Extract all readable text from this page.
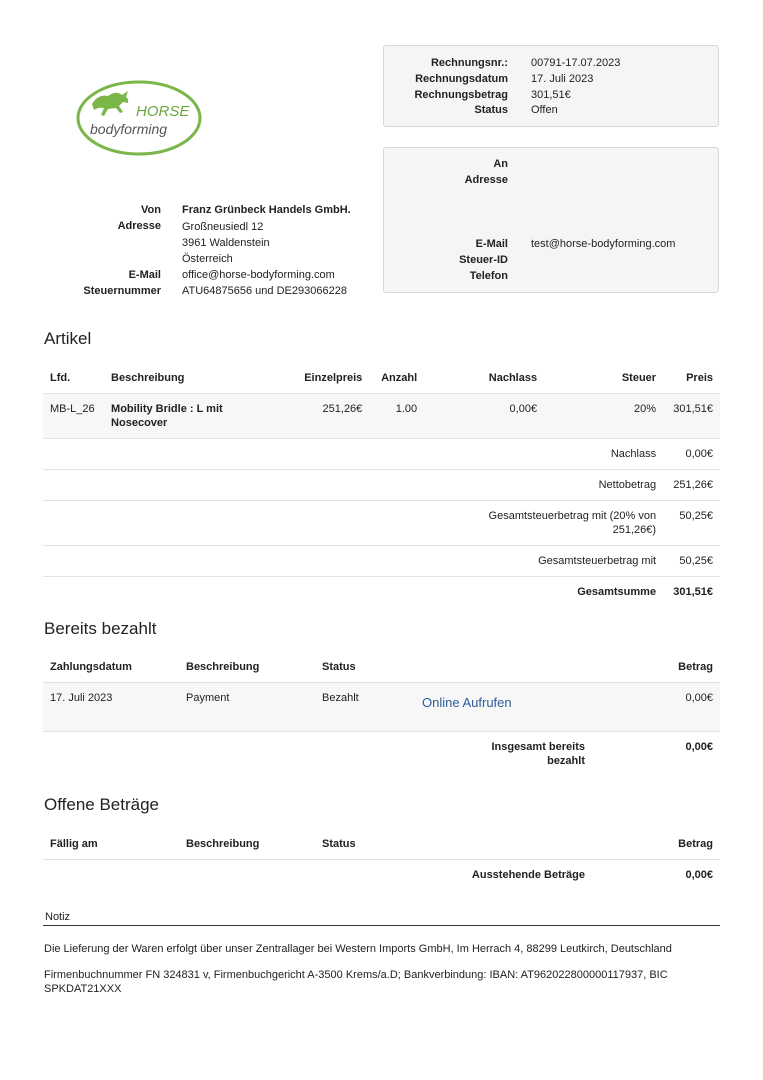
HORSE
bodyforming
Rechnungsnr.: 00791-17.07.2023
Rechnungsdatum 17. Juli 2023
Rechnungsbetrag 301,51€
Status Offen
An
Adresse
E-Mail test@horse-bodyforming.com
Steuer-ID
Telefon
Von Franz Grünbeck Handels GmbH.
Adresse Großneusiedl 12
3961 Waldenstein
Österreich
E-Mail office@horse-bodyforming.com
Steuernummer ATU64875656 und DE293066228
Artikel
Lfd.	Beschreibung	Einzelpreis	Anzahl	Nachlass	Steuer	Preis
MB-L_26	Mobility Bridle : L mit Nosecover	251,26€	1.00	0,00€	20%	301,51€
Nachlass						0,00€
Nettobetrag						251,26€

					Gesamtsteuerbetrag mit (20% von 251,26€)	50,25€
Gesamtsteuerbetrag mit						50,25€
Gesamtsumme						301,51€
Bereits bezahlt
Zahlungsdatum	Beschreibung	Status		Betrag
17. Juli 2023	Payment	Bezahlt	Online Aufrufen	0,00€

			Insgesamt bereits bezahlt	0,00€
Offene Beträge
Fällig am	Beschreibung	Status		Betrag
Ausstehende Beträge				0,00€
Notiz
Die Lieferung der Waren erfolgt über unser Zentrallager bei Western Imports GmbH, Im Herrach 4, 88299 Leutkirch, Deutschland
Firmenbuchnummer FN 324831 v, Firmenbuchgericht A-3500 Krems/a.D; Bankverbindung: IBAN: AT962022800000117937, BIC SPKDAT21XXX
